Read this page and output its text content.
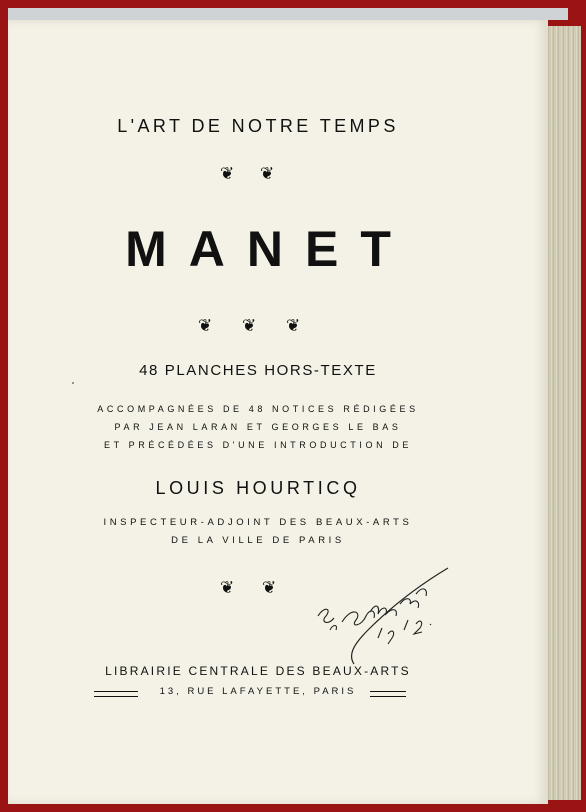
L'ART DE NOTRE TEMPS
❦ ❦
MANET
❦ ❦ ❦
48 PLANCHES HORS-TEXTE
ACCOMPAGNÉES DE 48 NOTICES RÉDIGÉES
PAR JEAN LARAN ET GEORGES LE BAS
ET PRÉCÉDÉES D'UNE INTRODUCTION DE
LOUIS HOURTICQ
INSPECTEUR-ADJOINT DES BEAUX-ARTS
DE LA VILLE DE PARIS
❦ ❦
LIBRAIRIE CENTRALE DES BEAUX-ARTS
13, RUE LAFAYETTE, PARIS
